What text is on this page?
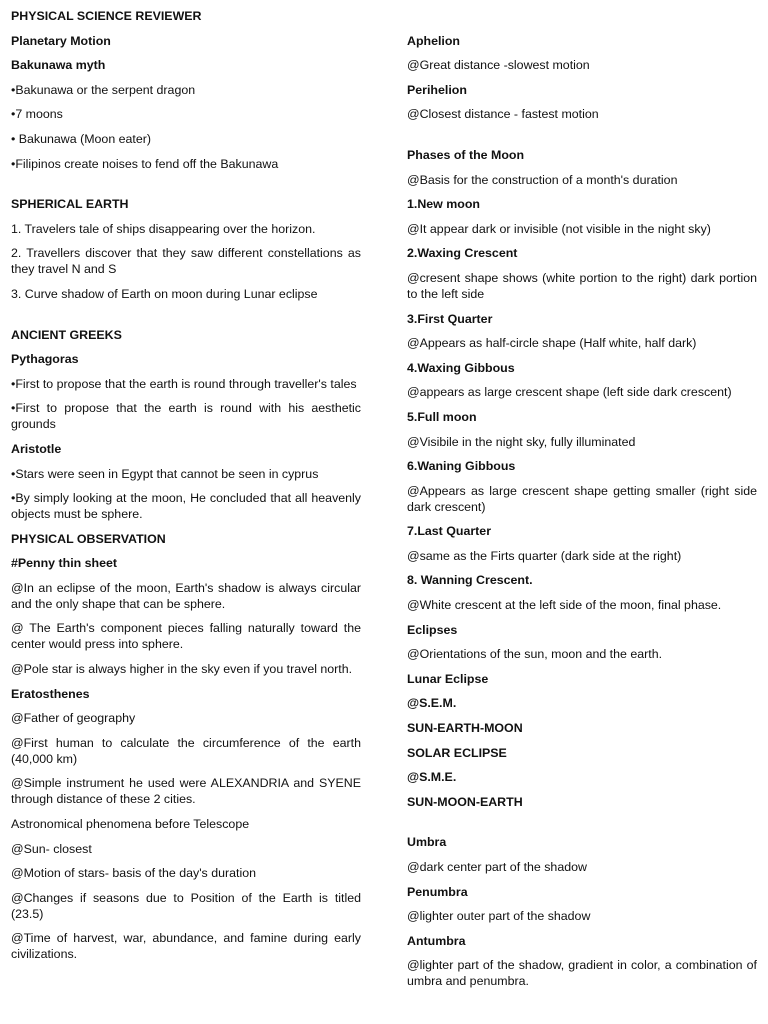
PHYSICAL SCIENCE REVIEWER

Planetary Motion

Bakunawa myth

•Bakunawa or the serpent dragon

•7 moons

• Bakunawa (Moon eater)

•Filipinos create noises to fend off the Bakunawa

SPHERICAL EARTH

1. Travelers tale of ships disappearing over the horizon.

2. Travellers discover that they saw different constellations as they travel N and S

3. Curve shadow of Earth on moon during Lunar eclipse

ANCIENT GREEKS

Pythagoras

•First to propose that the earth is round through traveller's tales

•First to propose that the earth is round with his aesthetic grounds

Aristotle

•Stars were seen in Egypt that cannot be seen in cyprus

•By simply looking at the moon, He concluded that all heavenly objects must be sphere.

PHYSICAL OBSERVATION

#Penny thin sheet

@In an eclipse of the moon, Earth's shadow is always circular and the only shape that can be sphere.

@ The Earth's component pieces falling naturally toward the center would press into sphere.

@Pole star is always higher in the sky even if you travel north.

Eratosthenes

@Father of geography

@First human to calculate the circumference of the earth (40,000 km)

@Simple instrument he used were ALEXANDRIA and SYENE through distance of these 2 cities.

Astronomical phenomena before Telescope

@Sun- closest

@Motion of stars- basis of the day's duration

@Changes if seasons due to Position of the Earth is titled (23.5)

@Time of harvest, war, abundance, and famine during early civilizations.

Aphelion

@Great distance -slowest motion

Perihelion

@Closest distance - fastest motion

Phases of the Moon

@Basis for the construction of a month's duration

1.New moon

@It appear dark or invisible (not visible in the night sky)

2.Waxing Crescent

@cresent shape shows (white portion to the right) dark portion to the left side

3.First Quarter

@Appears as half-circle shape (Half white, half dark)

4.Waxing Gibbous

@appears as large crescent shape (left side dark crescent)

5.Full moon

@Visibile in the night sky, fully illuminated

6.Waning Gibbous

@Appears as large crescent shape getting smaller (right side dark crescent)

7.Last Quarter

@same as the Firts quarter (dark side at the right)

8. Wanning Crescent.

@White crescent at the left side of the moon, final phase.

Eclipses

@Orientations of the sun, moon and the earth.

Lunar Eclipse

@S.E.M.

SUN-EARTH-MOON

SOLAR ECLIPSE

@S.M.E.

SUN-MOON-EARTH

Umbra

@dark center part of the shadow

Penumbra

@lighter outer part of the shadow

Antumbra

@lighter part of the shadow, gradient in color, a combination of umbra and penumbra.
